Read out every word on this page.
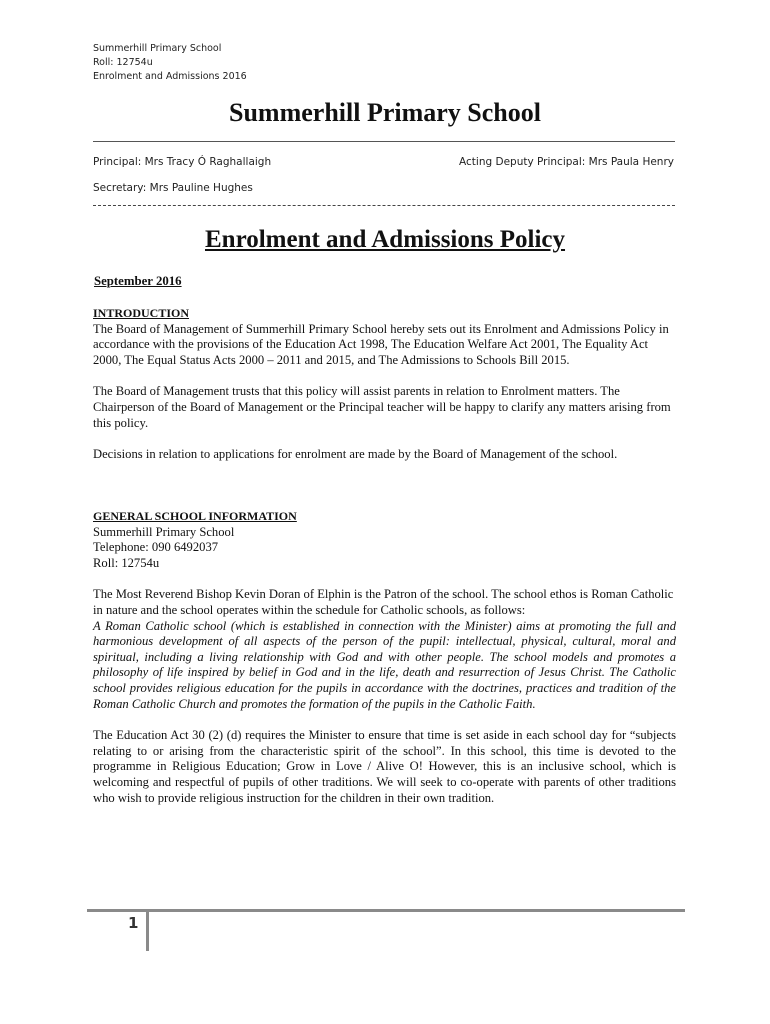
Summerhill Primary School
Roll: 12754u
Enrolment and Admissions 2016
Summerhill Primary School
Principal: Mrs Tracy Ó Raghallaigh	Acting Deputy Principal: Mrs Paula Henry
Secretary: Mrs Pauline Hughes
Enrolment and Admissions Policy
September 2016
INTRODUCTION

The Board of Management of Summerhill Primary School hereby sets out its Enrolment and Admissions Policy in accordance with the provisions of the Education Act 1998, The Education Welfare Act 2001, The Equality Act 2000, The Equal Status Acts 2000 – 2011 and 2015, and The Admissions to Schools Bill 2015.

The Board of Management trusts that this policy will assist parents in relation to Enrolment matters. The Chairperson of the Board of Management or the Principal teacher will be happy to clarify any matters arising from this policy.

Decisions in relation to applications for enrolment are made by the Board of Management of the school.

GENERAL SCHOOL INFORMATION
Summerhill Primary School
Telephone: 090 6492037
Roll: 12754u

The Most Reverend Bishop Kevin Doran of Elphin is the Patron of the school. The school ethos is Roman Catholic in nature and the school operates within the schedule for Catholic schools, as follows:

A Roman Catholic school (which is established in connection with the Minister) aims at promoting the full and harmonious development of all aspects of the person of the pupil: intellectual, physical, cultural, moral and spiritual, including a living relationship with God and with other people. The school models and promotes a philosophy of life inspired by belief in God and in the life, death and resurrection of Jesus Christ. The Catholic school provides religious education for the pupils in accordance with the doctrines, practices and tradition of the Roman Catholic Church and promotes the formation of the pupils in the Catholic Faith.

The Education Act 30 (2) (d) requires the Minister to ensure that time is set aside in each school day for “subjects relating to or arising from the characteristic spirit of the school”. In this school, this time is devoted to the programme in Religious Education; Grow in Love / Alive O! However, this is an inclusive school, which is welcoming and respectful of pupils of other traditions. We will seek to co-operate with parents of other traditions who wish to provide religious instruction for the children in their own tradition.

1
